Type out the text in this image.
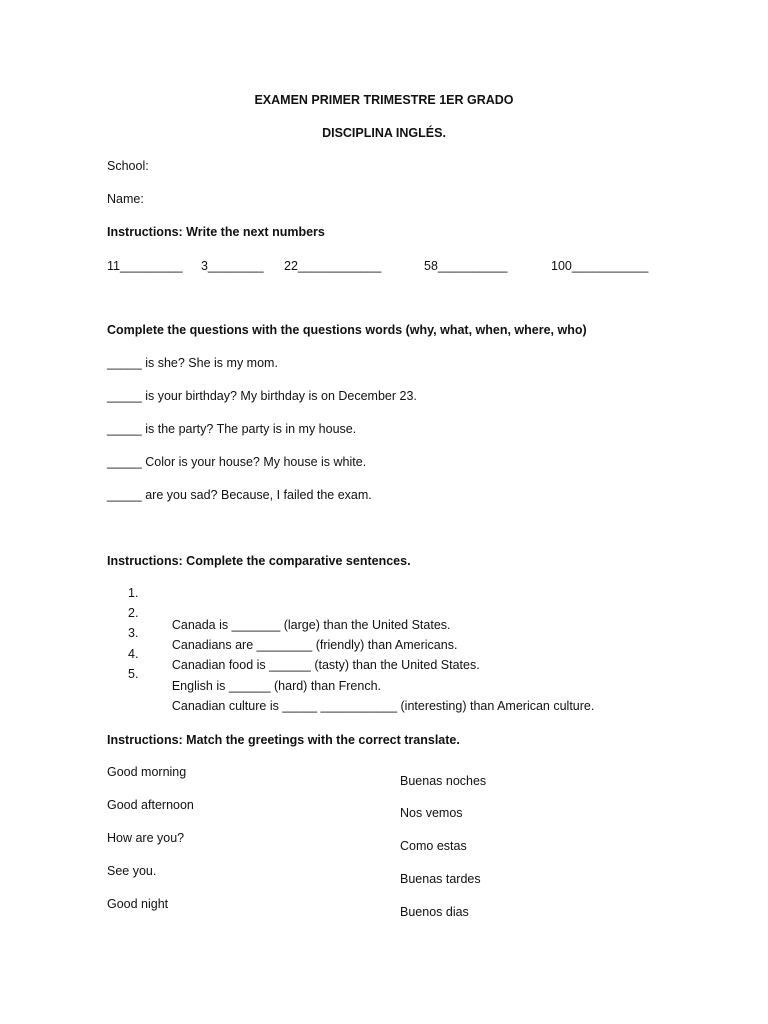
EXAMEN PRIMER TRIMESTRE 1ER GRADO
DISCIPLINA INGLÉS.
School:
Name:
Instructions: Write the next numbers
11_________ 3________ 22____________	58__________	100___________
Complete the questions with the questions words (why, what, when, where, who)
_____ is she? She is my mom.
_____ is your birthday? My birthday is on December 23.
_____ is the party? The party is in my house.
_____ Color is your house? My house is white.
_____ are you sad? Because, I failed the exam.
Instructions: Complete the comparative sentences.

1.

Canada is _______ (large) than the United States.

2.

Canadians are ________ (friendly) than Americans.

3.

Canadian food is ______ (tasty) than the United States.

4.

English is ______ (hard) than French.

5.

Canadian culture is _____ ___________ (interesting) than American culture.

Instructions: Match the greetings with the correct translate.
Good morning
Good afternoon
How are you?
See you.
Good night
Buenas noches
Nos vemos
Como estas
Buenas tardes
Buenos dias
